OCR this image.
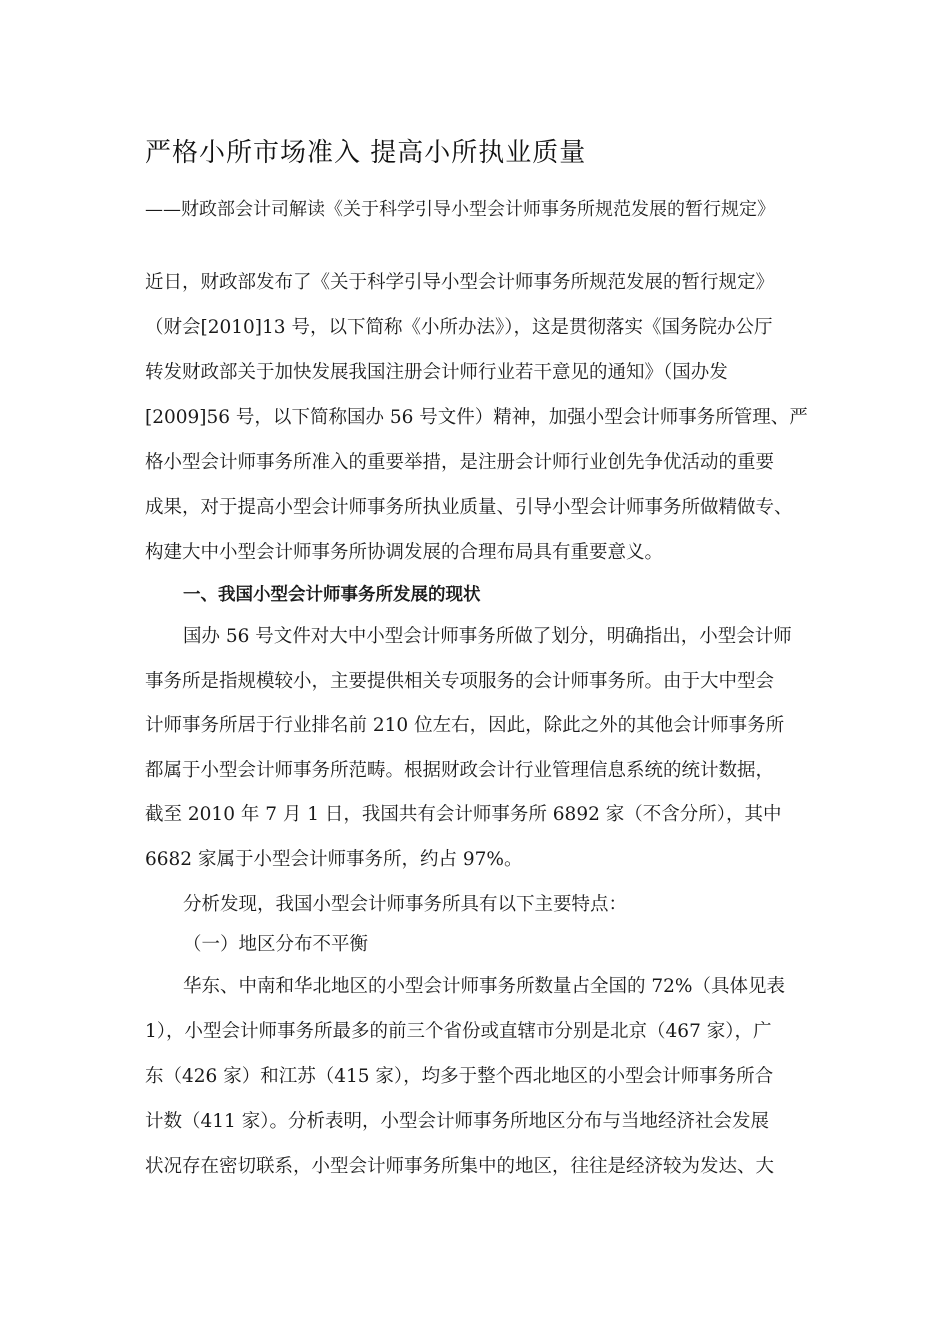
严格小所市场准入 提高小所执业质量
——财政部会计司解读《关于科学引导小型会计师事务所规范发展的暂行规定》
近日，财政部发布了《关于科学引导小型会计师事务所规范发展的暂行规定》
（财会[2010]13 号，以下简称《小所办法》），这是贯彻落实《国务院办公厅
转发财政部关于加快发展我国注册会计师行业若干意见的通知》（国办发
[2009]56 号，以下简称国办 56 号文件）精神，加强小型会计师事务所管理、严
格小型会计师事务所准入的重要举措，是注册会计师行业创先争优活动的重要
成果，对于提高小型会计师事务所执业质量、引导小型会计师事务所做精做专、
构建大中小型会计师事务所协调发展的合理布局具有重要意义。
一、我国小型会计师事务所发展的现状
国办 56 号文件对大中小型会计师事务所做了划分，明确指出，小型会计师
事务所是指规模较小，主要提供相关专项服务的会计师事务所。由于大中型会
计师事务所居于行业排名前 210 位左右，因此，除此之外的其他会计师事务所
都属于小型会计师事务所范畴。根据财政会计行业管理信息系统的统计数据，
截至 2010 年 7 月 1 日，我国共有会计师事务所 6892 家（不含分所），其中
6682 家属于小型会计师事务所，约占 97%。
分析发现，我国小型会计师事务所具有以下主要特点：
（一）地区分布不平衡
华东、中南和华北地区的小型会计师事务所数量占全国的 72%（具体见表
1），小型会计师事务所最多的前三个省份或直辖市分别是北京（467 家），广
东（426 家）和江苏（415 家），均多于整个西北地区的小型会计师事务所合
计数（411 家）。分析表明，小型会计师事务所地区分布与当地经济社会发展
状况存在密切联系，小型会计师事务所集中的地区，往往是经济较为发达、大
